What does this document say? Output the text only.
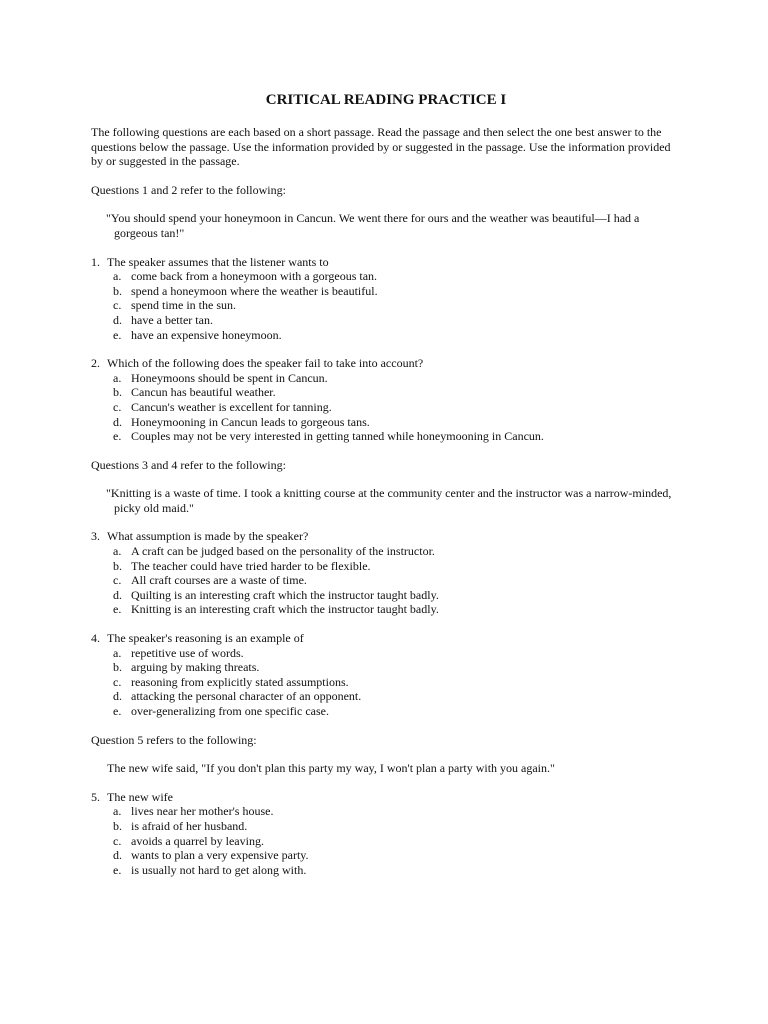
CRITICAL READING PRACTICE I
The following questions are each based on a short passage. Read the passage and then select the one best answer to the questions below the passage. Use the information provided by or suggested in the passage. Use the information provided by or suggested in the passage.
Questions 1 and 2 refer to the following:
"You should spend your honeymoon in Cancun. We went there for ours and the weather was beautiful—I had a gorgeous tan!"
1. The speaker assumes that the listener wants to
a. come back from a honeymoon with a gorgeous tan.
b. spend a honeymoon where the weather is beautiful.
c. spend time in the sun.
d. have a better tan.
e. have an expensive honeymoon.
2. Which of the following does the speaker fail to take into account?
a. Honeymoons should be spent in Cancun.
b. Cancun has beautiful weather.
c. Cancun's weather is excellent for tanning.
d. Honeymooning in Cancun leads to gorgeous tans.
e. Couples may not be very interested in getting tanned while honeymooning in Cancun.
Questions 3 and 4 refer to the following:
"Knitting is a waste of time. I took a knitting course at the community center and the instructor was a narrow-minded, picky old maid."
3. What assumption is made by the speaker?
a. A craft can be judged based on the personality of the instructor.
b. The teacher could have tried harder to be flexible.
c. All craft courses are a waste of time.
d. Quilting is an interesting craft which the instructor taught badly.
e. Knitting is an interesting craft which the instructor taught badly.
4. The speaker's reasoning is an example of
a. repetitive use of words.
b. arguing by making threats.
c. reasoning from explicitly stated assumptions.
d. attacking the personal character of an opponent.
e. over-generalizing from one specific case.
Question 5 refers to the following:
The new wife said, "If you don't plan this party my way, I won't plan a party with you again."
5. The new wife
a. lives near her mother's house.
b. is afraid of her husband.
c. avoids a quarrel by leaving.
d. wants to plan a very expensive party.
e. is usually not hard to get along with.
